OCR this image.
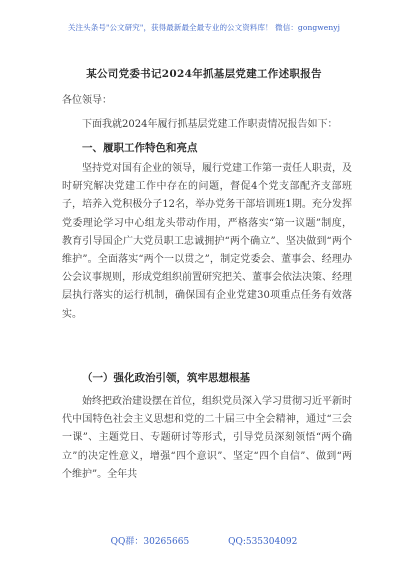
关注头条号"公文研究"，获得最新最全最专业的公文资料库！ 微信：gongwenyj
某公司党委书记2024年抓基层党建工作述职报告
各位领导：
下面我就2024年履行抓基层党建工作职责情况报告如下：
一、履职工作特色和亮点
坚持党对国有企业的领导，履行党建工作第一责任人职责，及时研究解决党建工作中存在的问题，督促4个党支部配齐支部班子，培养入党积极分子12名，举办党务干部培训班1期。充分发挥党委理论学习中心组龙头带动作用，严格落实“第一议题”制度，教育引导国企广大党员职工忠诚拥护“两个确立”、坚决做到“两个维护”。全面落实“两个一以贯之”，制定党委会、董事会、经理办公会议事规则，形成党组织前置研究把关、董事会依法决策、经理层执行落实的运行机制，确保国有企业党建30项重点任务有效落实。
（一）强化政治引领，筑牢思想根基
始终把政治建设摆在首位，组织党员深入学习贯彻习近平新时代中国特色社会主义思想和党的二十届三中全会精神，通过“三会一课”、主题党日、专题研讨等形式，引导党员深刻领悟“两个确立”的决定性意义，增强“四个意识”、坚定“四个自信”、做到“两个维护”。全年共
QQ群：30265665	QQ:535304092
